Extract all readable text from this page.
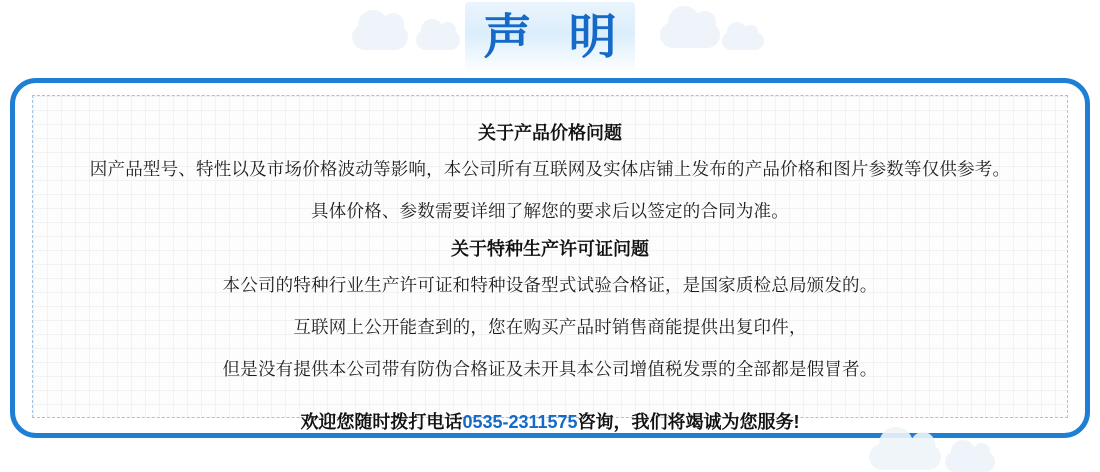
声 明

关于产品价格问题

因产品型号、特性以及市场价格波动等影响，本公司所有互联网及实体店铺上发布的产品价格和图片参数等仅供参考。

具体价格、参数需要详细了解您的要求后以签定的合同为准。

关于特种生产许可证问题

本公司的特种行业生产许可证和特种设备型式试验合格证，是国家质检总局颁发的。

互联网上公开能查到的，您在购买产品时销售商能提供出复印件，

但是没有提供本公司带有防伪合格证及未开具本公司增值税发票的全部都是假冒者。

欢迎您随时拨打电话0535-2311575咨询，我们将竭诚为您服务!
